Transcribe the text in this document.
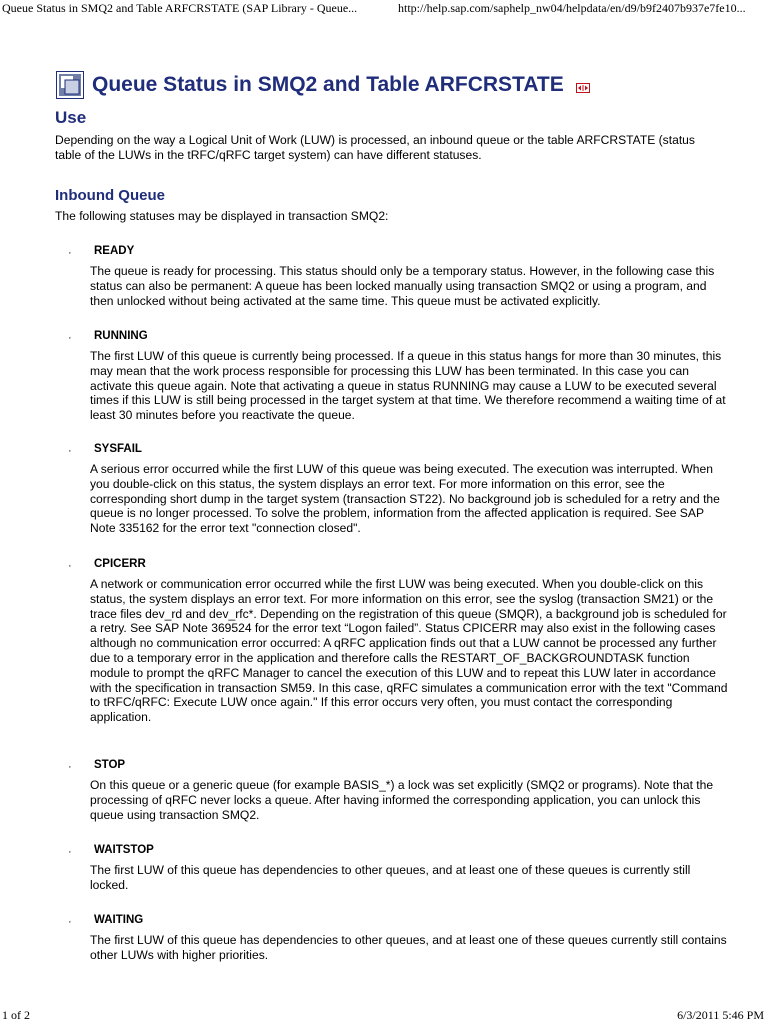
Queue Status in SMQ2 and Table ARFCRSTATE (SAP Library - Queue...	http://help.sap.com/saphelp_nw04/helpdata/en/d9/b9f2407b937e7fe10...
Queue Status in SMQ2 and Table ARFCRSTATE
Use
Depending on the way a Logical Unit of Work (LUW) is processed, an inbound queue or the table ARFCRSTATE (status table of the LUWs in the tRFC/qRFC target system) can have different statuses.
Inbound Queue
The following statuses may be displayed in transaction SMQ2:
· READY
The queue is ready for processing. This status should only be a temporary status. However, in the following case this status can also be permanent: A queue has been locked manually using transaction SMQ2 or using a program, and then unlocked without being activated at the same time. This queue must be activated explicitly.
· RUNNING
The first LUW of this queue is currently being processed. If a queue in this status hangs for more than 30 minutes, this may mean that the work process responsible for processing this LUW has been terminated. In this case you can activate this queue again. Note that activating a queue in status RUNNING may cause a LUW to be executed several times if this LUW is still being processed in the target system at that time. We therefore recommend a waiting time of at least 30 minutes before you reactivate the queue.
· SYSFAIL
A serious error occurred while the first LUW of this queue was being executed. The execution was interrupted. When you double-click on this status, the system displays an error text. For more information on this error, see the corresponding short dump in the target system (transaction ST22). No background job is scheduled for a retry and the queue is no longer processed. To solve the problem, information from the affected application is required. See SAP Note 335162 for the error text "connection closed".
· CPICERR
A network or communication error occurred while the first LUW was being executed. When you double-click on this status, the system displays an error text. For more information on this error, see the syslog (transaction SM21) or the trace files dev_rd and dev_rfc*. Depending on the registration of this queue (SMQR), a background job is scheduled for a retry. See SAP Note 369524 for the error text “Logon failed”. Status CPICERR may also exist in the following cases although no communication error occurred: A qRFC application finds out that a LUW cannot be processed any further due to a temporary error in the application and therefore calls the RESTART_OF_BACKGROUNDTASK function module to prompt the qRFC Manager to cancel the execution of this LUW and to repeat this LUW later in accordance with the specification in transaction SM59. In this case, qRFC simulates a communication error with the text "Command to tRFC/qRFC: Execute LUW once again." If this error occurs very often, you must contact the corresponding application.
· STOP
On this queue or a generic queue (for example BASIS_*) a lock was set explicitly (SMQ2 or programs). Note that the processing of qRFC never locks a queue. After having informed the corresponding application, you can unlock this queue using transaction SMQ2.
· WAITSTOP
The first LUW of this queue has dependencies to other queues, and at least one of these queues is currently still locked.
· WAITING
The first LUW of this queue has dependencies to other queues, and at least one of these queues currently still contains other LUWs with higher priorities.
1 of 2	6/3/2011 5:46 PM
